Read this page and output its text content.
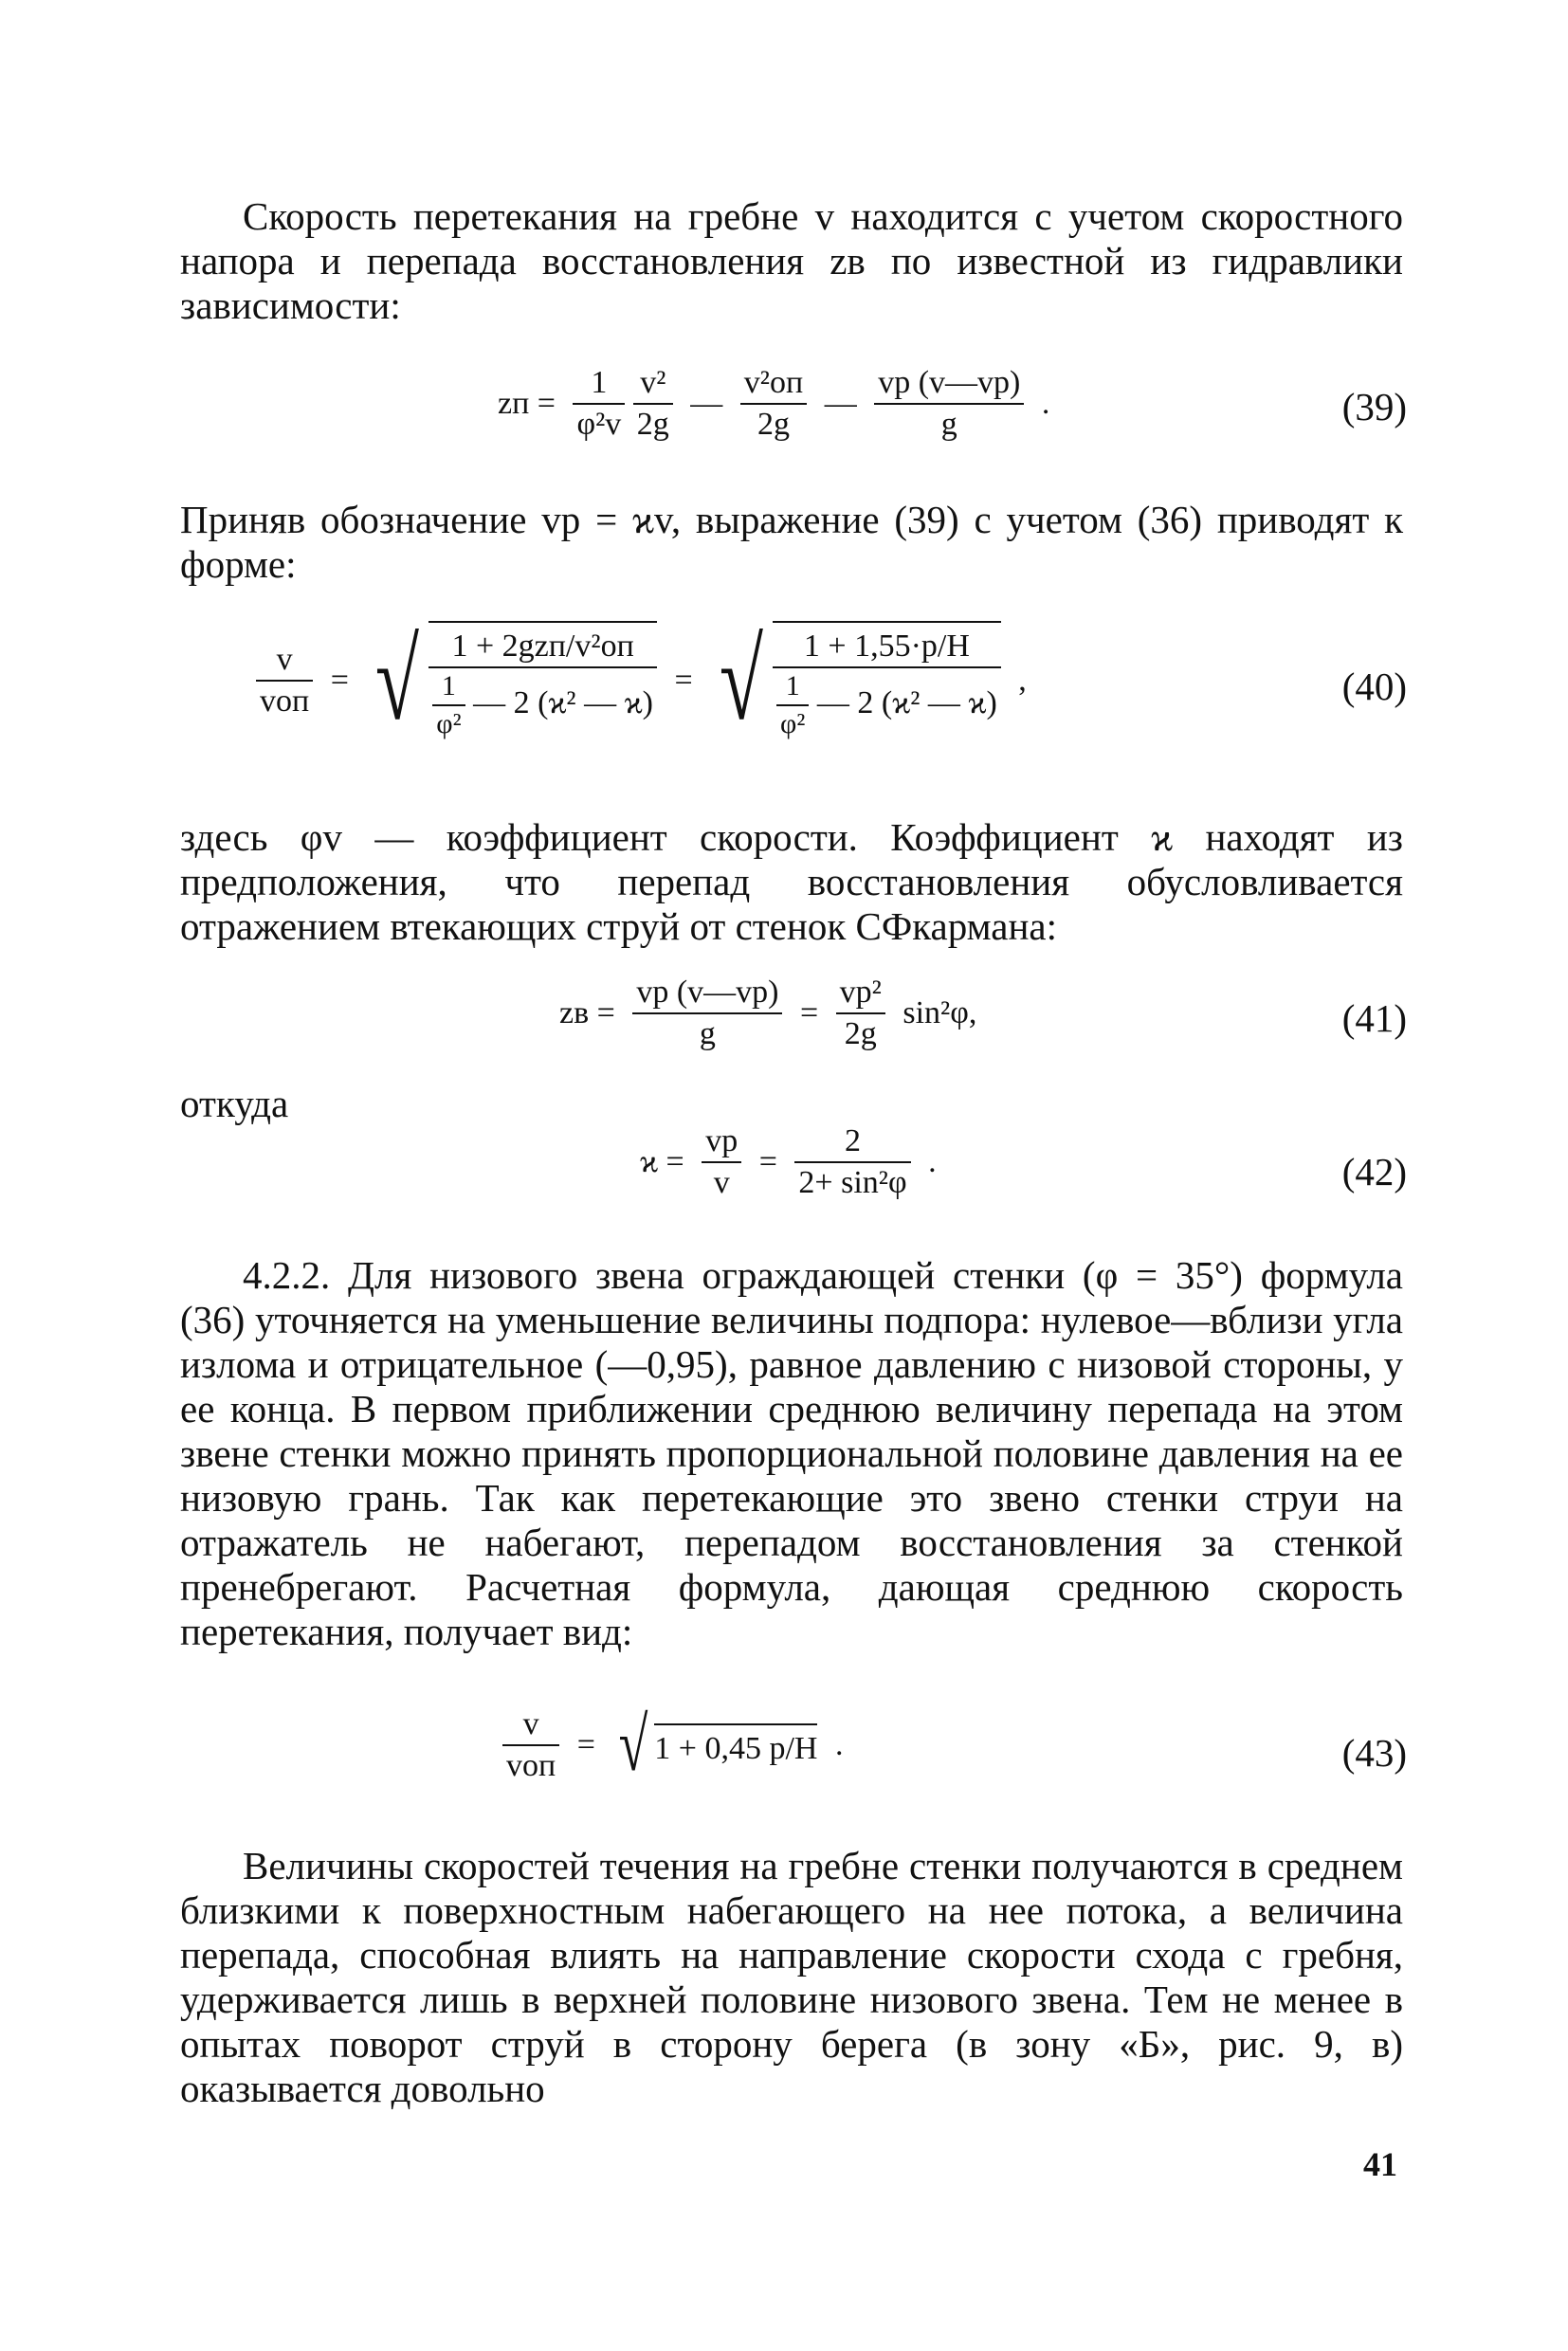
Скорость перетекания на гребне v находится с учетом скоростного напора и перепада восстановления zв по известной из гидравлики зависимости:

zп = $\frac{1}{\text{φ²v}}$
$\frac{\text{v²}}{2g}$ — $\frac{\text{v²оп}}{2g}$ — $\frac{vр (v—vр)}{g}$ .	(39)

Приняв обозначение vр = ϰv, выражение (39) с учетом (36) приводят к форме:

$\frac{v}{\text{vоп}}$ = √ $\frac{\text{1 + 2gzп/v²оп}}{\frac{1}{\text{φ²}} — 2 (ϰ^2 — ϰ)}$ = √ $\frac{1 + 1,55\cdot p/H}{\frac{1}{\text{φ²}} — 2 (ϰ^2 — ϰ)}$ ,	(40)

здесь φv — коэффициент скорости. Коэффициент ϰ находят из предположения, что перепад восстановления обусловливается отражением втекающих струй от стенок СФкармана:

zв = $\frac{vр (v—vр)}{g} = \frac{\text{vр²}}{2g} \sin^2\varphi$,	(41)
откуда
$ϰ = \frac{vр}{v} = \frac{2}{\text{2+ sin²φ}}$ .	(42)

4.2.2. Для низового звена ограждающей стенки (φ = 35°) формула (36) уточняется на уменьшение величины подпора: нулевое—вблизи угла излома и отрицательное (—0,95), равное давлению с низовой стороны, у ее конца. В первом приближении среднюю величину перепада на этом звене стенки можно принять пропорциональной половине давления на ее низовую грань. Так как перетекающие это звено стенки струи на отражатель не набегают, перепадом восстановления за стенкой пренебрегают. Расчетная формула, дающая среднюю скорость перетекания, получает вид:

$\frac{v}{\text{vоп}}$ = √ 1 + 0,45 p/H .	(43)

Величины скоростей течения на гребне стенки получаются в среднем близкими к поверхностным набегающего на нее потока, а величина перепада, способная влиять на направление скорости схода с гребня, удерживается лишь в верхней половине низового звена. Тем не менее в опытах поворот струй в сторону берега (в зону «Б», рис. 9, в) оказывается довольно

41
